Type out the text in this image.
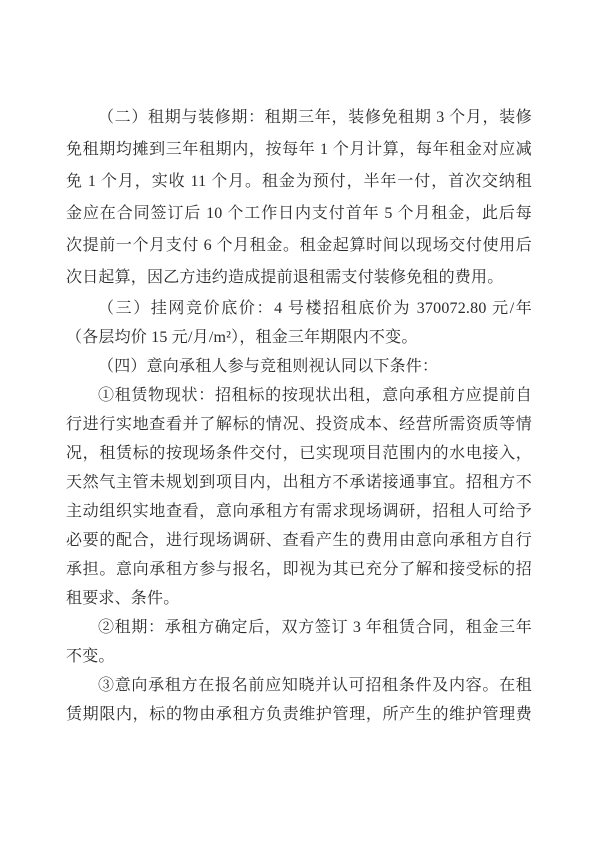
（二）租期与装修期：租期三年，装修免租期 3 个月，装修
免租期均摊到三年租期内，按每年 1 个月计算，每年租金对应减
免 1 个月，实收 11 个月。租金为预付，半年一付，首次交纳租
金应在合同签订后 10 个工作日内支付首年 5 个月租金，此后每
次提前一个月支付 6 个月租金。租金起算时间以现场交付使用后
次日起算，因乙方违约造成提前退租需支付装修免租的费用。
（三）挂网竞价底价：4 号楼招租底价为 370072.80 元/年
（各层均价 15 元/月/m²），租金三年期限内不变。
（四）意向承租人参与竞租则视认同以下条件：
①租赁物现状：招租标的按现状出租，意向承租方应提前自
行进行实地查看并了解标的情况、投资成本、经营所需资质等情
况，租赁标的按现场条件交付，已实现项目范围内的水电接入，
天然气主管未规划到项目内，出租方不承诺接通事宜。招租方不
主动组织实地查看，意向承租方有需求现场调研，招租人可给予
必要的配合，进行现场调研、查看产生的费用由意向承租方自行
承担。意向承租方参与报名，即视为其已充分了解和接受标的招
租要求、条件。
②租期：承租方确定后，双方签订 3 年租赁合同，租金三年
不变。
③意向承租方在报名前应知晓并认可招租条件及内容。在租
赁期限内，标的物由承租方负责维护管理，所产生的维护管理费
